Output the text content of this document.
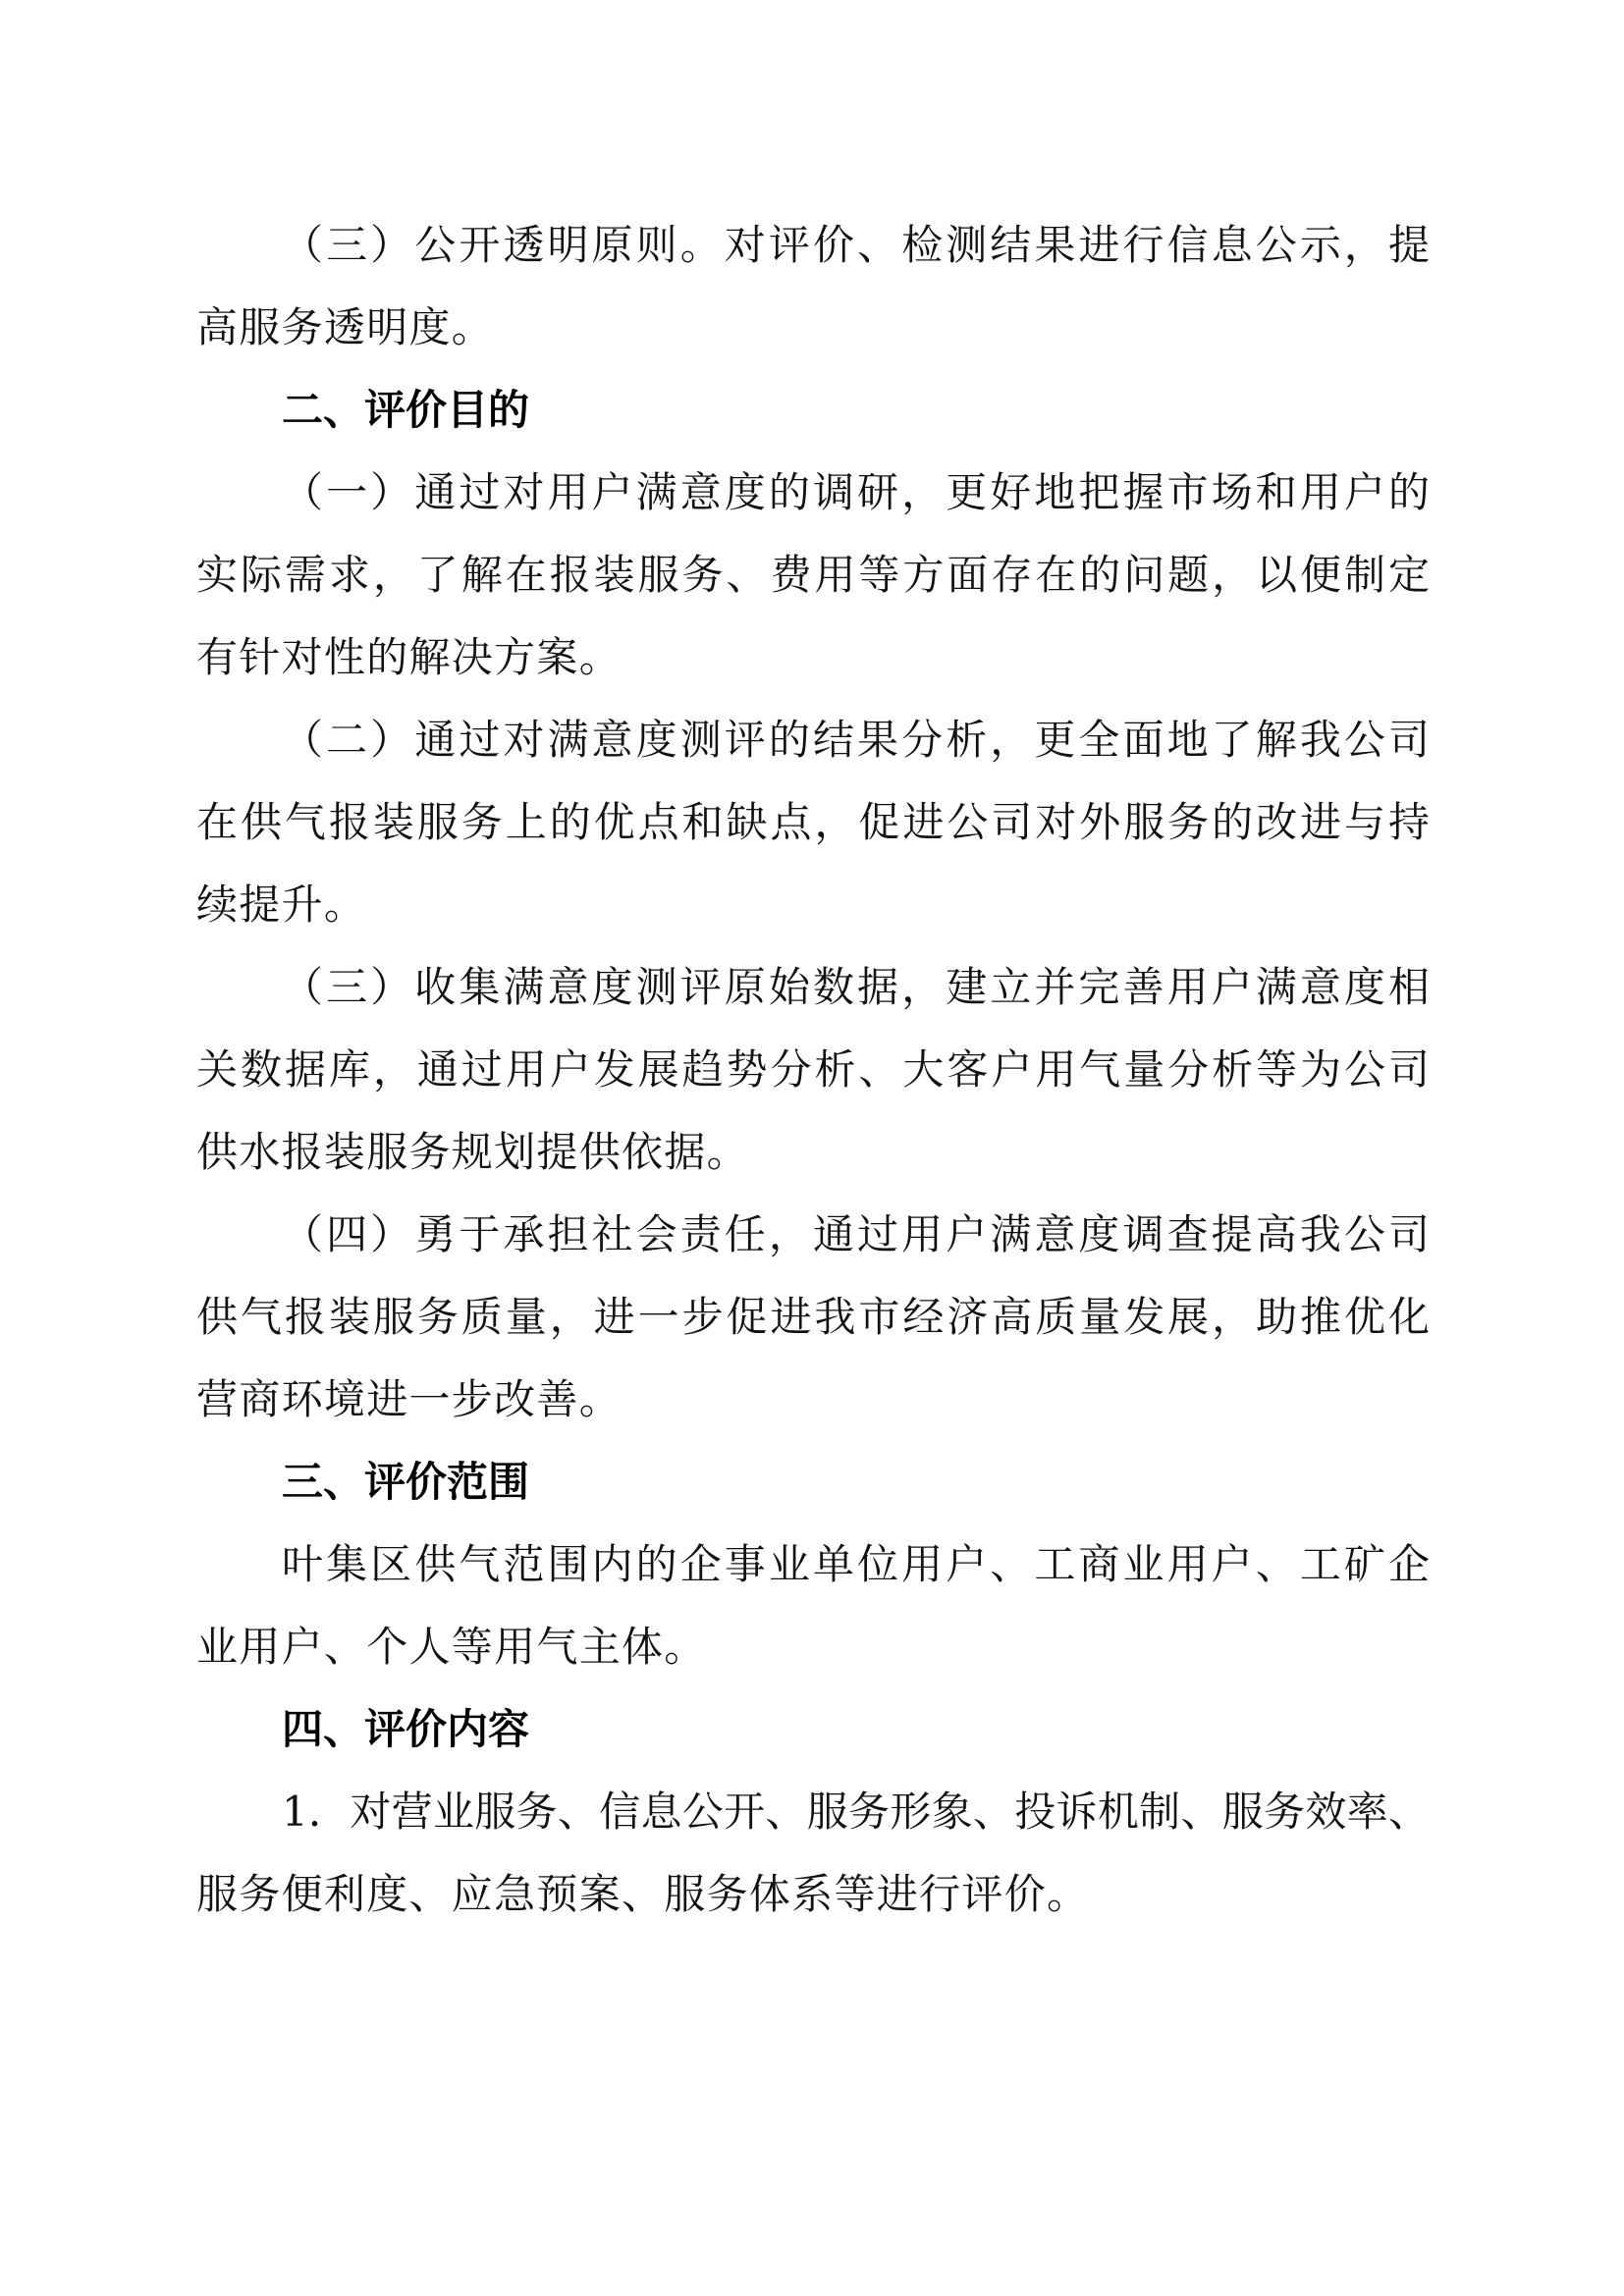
（三）公开透明原则。对评价、检测结果进行信息公示，提
高服务透明度。
二、评价目的
（一）通过对用户满意度的调研，更好地把握市场和用户的
实际需求，了解在报装服务、费用等方面存在的问题，以便制定
有针对性的解决方案。
（二）通过对满意度测评的结果分析，更全面地了解我公司
在供气报装服务上的优点和缺点，促进公司对外服务的改进与持
续提升。
（三）收集满意度测评原始数据，建立并完善用户满意度相
关数据库，通过用户发展趋势分析、大客户用气量分析等为公司
供水报装服务规划提供依据。
（四）勇于承担社会责任，通过用户满意度调查提高我公司
供气报装服务质量，进一步促进我市经济高质量发展，助推优化
营商环境进一步改善。
三、评价范围
叶集区供气范围内的企事业单位用户、工商业用户、工矿企
业用户、个人等用气主体。
四、评价内容
1．对营业服务、信息公开、服务形象、投诉机制、服务效率、
服务便利度、应急预案、服务体系等进行评价。
